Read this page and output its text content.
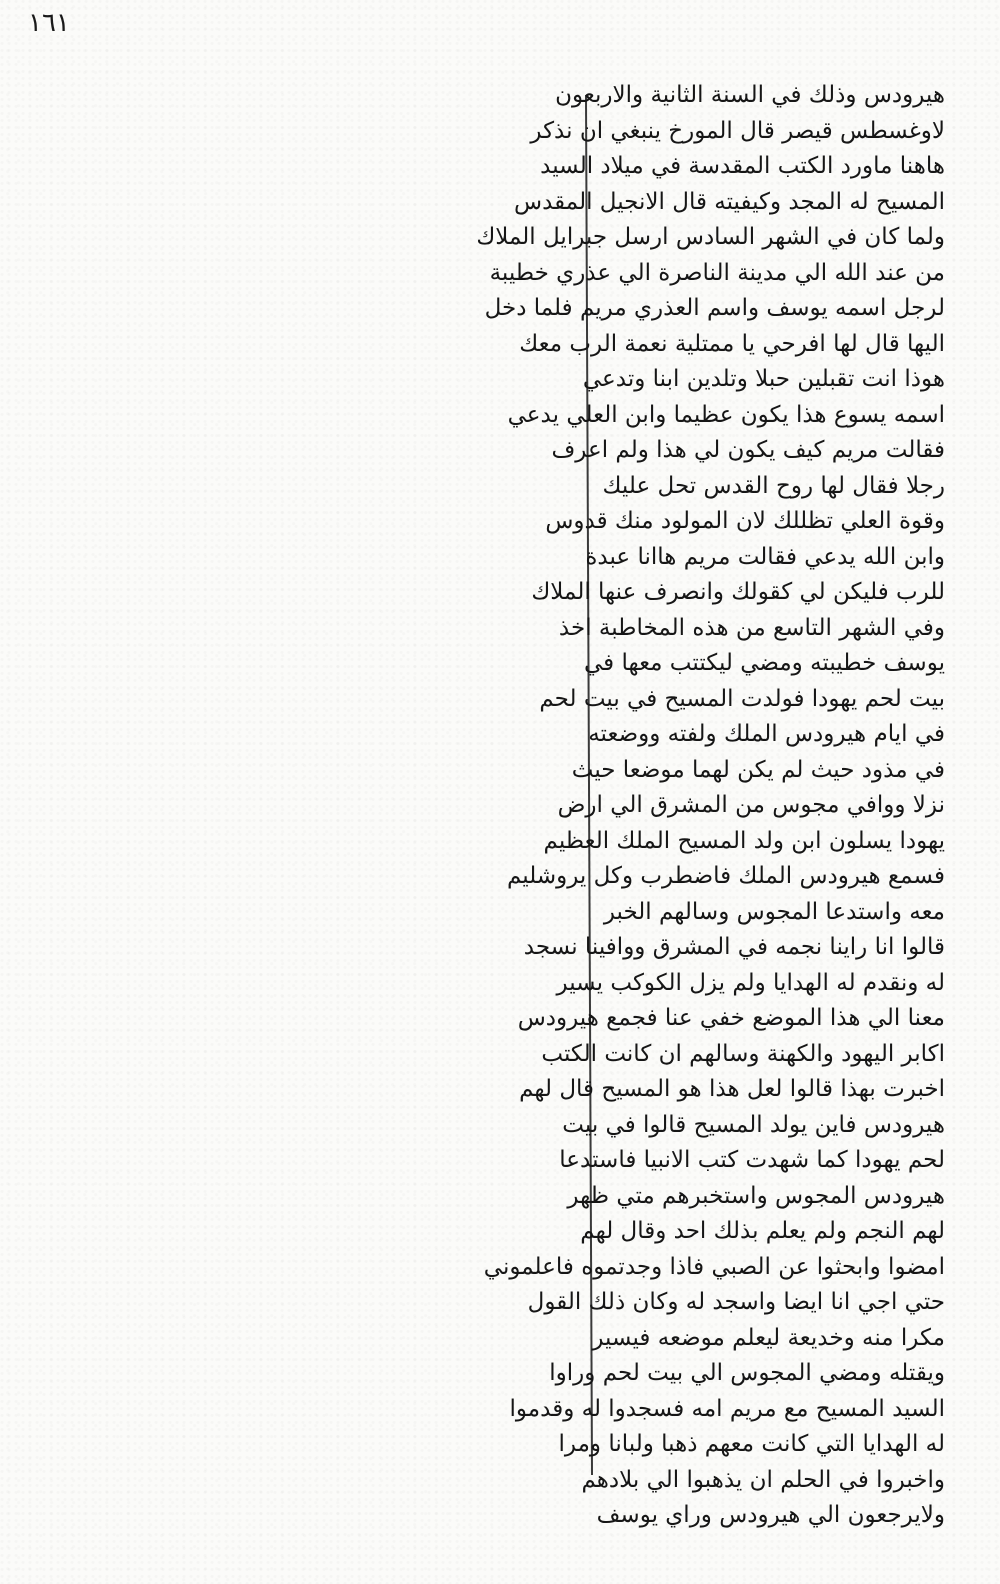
١٦١
هيرودس وذلك في السنة الثانية والاربعون
لاوغسطس قيصر قال المورخ ينبغي ان نذكر
هاهنا ماورد الكتب المقدسة في ميلاد السيد
المسيح له المجد وكيفيته قال الانجيل المقدس
ولما كان في الشهر السادس ارسل جبرايل الملاك
من عند الله الي مدينة الناصرة الي عذري خطيبة
لرجل اسمه يوسف واسم العذري مريم فلما دخل
اليها قال لها افرحي يا ممتلية نعمة الرب معك
هوذا انت تقبلين حبلا وتلدين ابنا وتدعي
اسمه يسوع هذا يكون عظيما وابن العلي يدعي
فقالت مريم كيف يكون لي هذا ولم اعرف
رجلا فقال لها روح القدس تحل عليك
وقوة العلي تظللك لان المولود منك قدوس
وابن الله يدعي فقالت مريم هاانا عبدة
للرب فليكن لي كقولك وانصرف عنها الملاك
وفي الشهر التاسع من هذه المخاطبة اخذ
يوسف خطيبته ومضي ليكتتب معها في
بيت لحم يهودا فولدت المسيح في بيت لحم
في ايام هيرودس الملك ولفته ووضعته
في مذود حيث لم يكن لهما موضعا حيث
نزلا ووافي مجوس من المشرق الي ارض
يهودا يسلون ابن ولد المسيح الملك العظيم
فسمع هيرودس الملك فاضطرب وكل يروشليم
معه واستدعا المجوس وسالهم الخبر
قالوا انا راينا نجمه في المشرق ووافينا نسجد
له ونقدم له الهدايا ولم يزل الكوكب يسير
معنا الي هذا الموضع خفي عنا فجمع هيرودس
اكابر اليهود والكهنة وسالهم ان كانت الكتب
اخبرت بهذا قالوا لعل هذا هو المسيح قال لهم
هيرودس فاين يولد المسيح قالوا في بيت
لحم يهودا كما شهدت كتب الانبيا فاستدعا
هيرودس المجوس واستخبرهم متي ظهر
لهم النجم ولم يعلم بذلك احد وقال لهم
امضوا وابحثوا عن الصبي فاذا وجدتموه فاعلموني
حتي اجي انا ايضا واسجد له وكان ذلك القول
مكرا منه وخديعة ليعلم موضعه فيسير
ويقتله ومضي المجوس الي بيت لحم وراوا
السيد المسيح مع مريم امه فسجدوا له وقدموا
له الهدايا التي كانت معهم ذهبا ولبانا ومرا
واخبروا في الحلم ان يذهبوا الي بلادهم
ولايرجعون الي هيرودس وراي يوسف
